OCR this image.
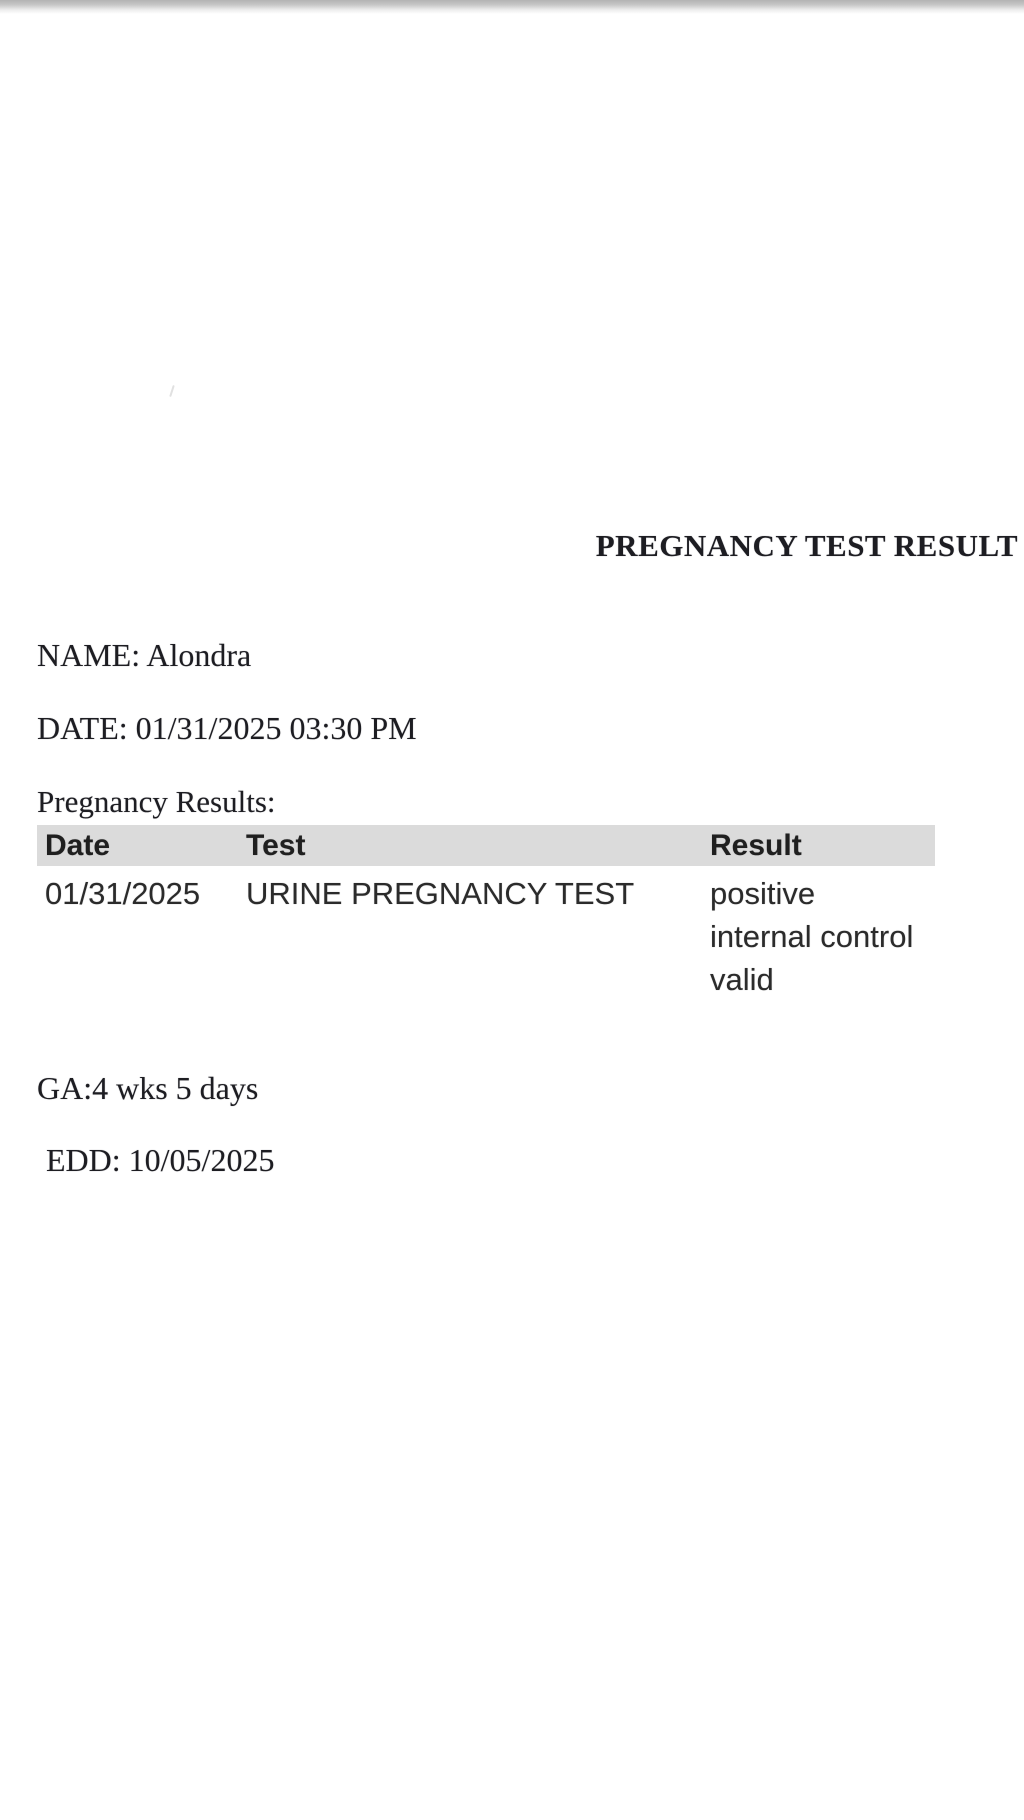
PREGNANCY TEST RESULT
NAME: Alondra
DATE: 01/31/2025 03:30 PM
Pregnancy Results:
Date	Test	Result
01/31/2025	URINE PREGNANCY TEST	positive
internal control
valid
GA:4 wks 5 days
EDD: 10/05/2025
